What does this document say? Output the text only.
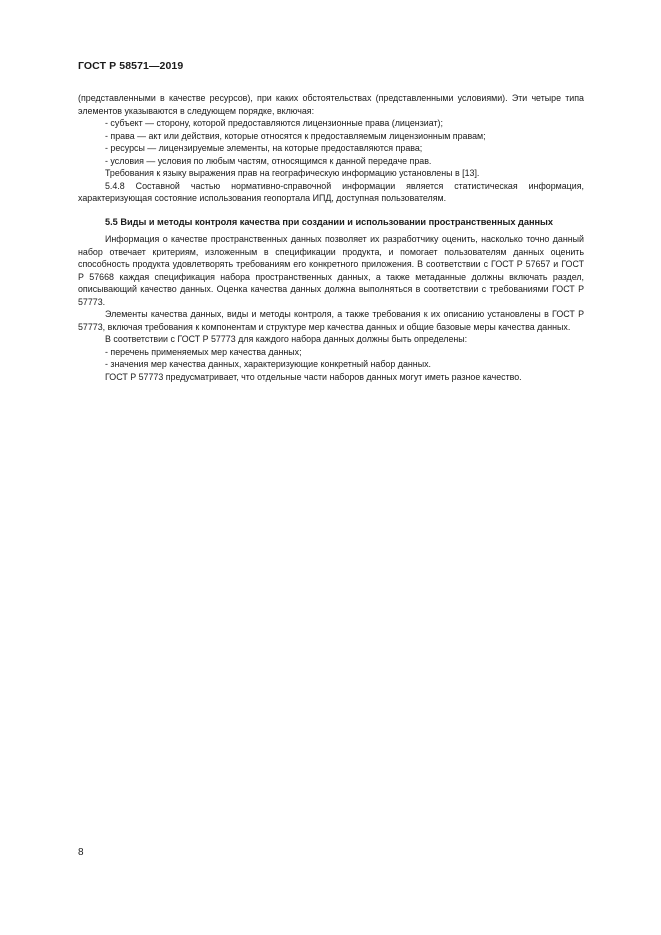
ГОСТ Р 58571—2019

(представленными в качестве ресурсов), при каких обстоятельствах (представленными условиями). Эти четыре типа элементов указываются в следующем порядке, включая:

- субъект — сторону, которой предоставляются лицензионные права (лицензиат);

- права — акт или действия, которые относятся к предоставляемым лицензионным правам;

- ресурсы — лицензируемые элементы, на которые предоставляются права;

- условия — условия по любым частям, относящимся к данной передаче прав.

Требования к языку выражения прав на географическую информацию установлены в [13].

5.4.8 Составной частью нормативно-справочной информации является статистическая информация, характеризующая состояние использования геопортала ИПД, доступная пользователям.

5.5 Виды и методы контроля качества при создании и использовании пространственных данных

Информация о качестве пространственных данных позволяет их разработчику оценить, насколько точно данный набор отвечает критериям, изложенным в спецификации продукта, и помогает пользователям данных оценить способность продукта удовлетворять требованиям его конкретного приложения. В соответствии с ГОСТ Р 57657 и ГОСТ Р 57668 каждая спецификация набора пространственных данных, а также метаданные должны включать раздел, описывающий качество данных. Оценка качества данных должна выполняться в соответствии с требованиями ГОСТ Р 57773.

Элементы качества данных, виды и методы контроля, а также требования к их описанию установлены в ГОСТ Р 57773, включая требования к компонентам и структуре мер качества данных и общие базовые меры качества данных.

В соответствии с ГОСТ Р 57773 для каждого набора данных должны быть определены:

- перечень применяемых мер качества данных;

- значения мер качества данных, характеризующие конкретный набор данных.

ГОСТ Р 57773 предусматривает, что отдельные части наборов данных могут иметь разное качество.

8
